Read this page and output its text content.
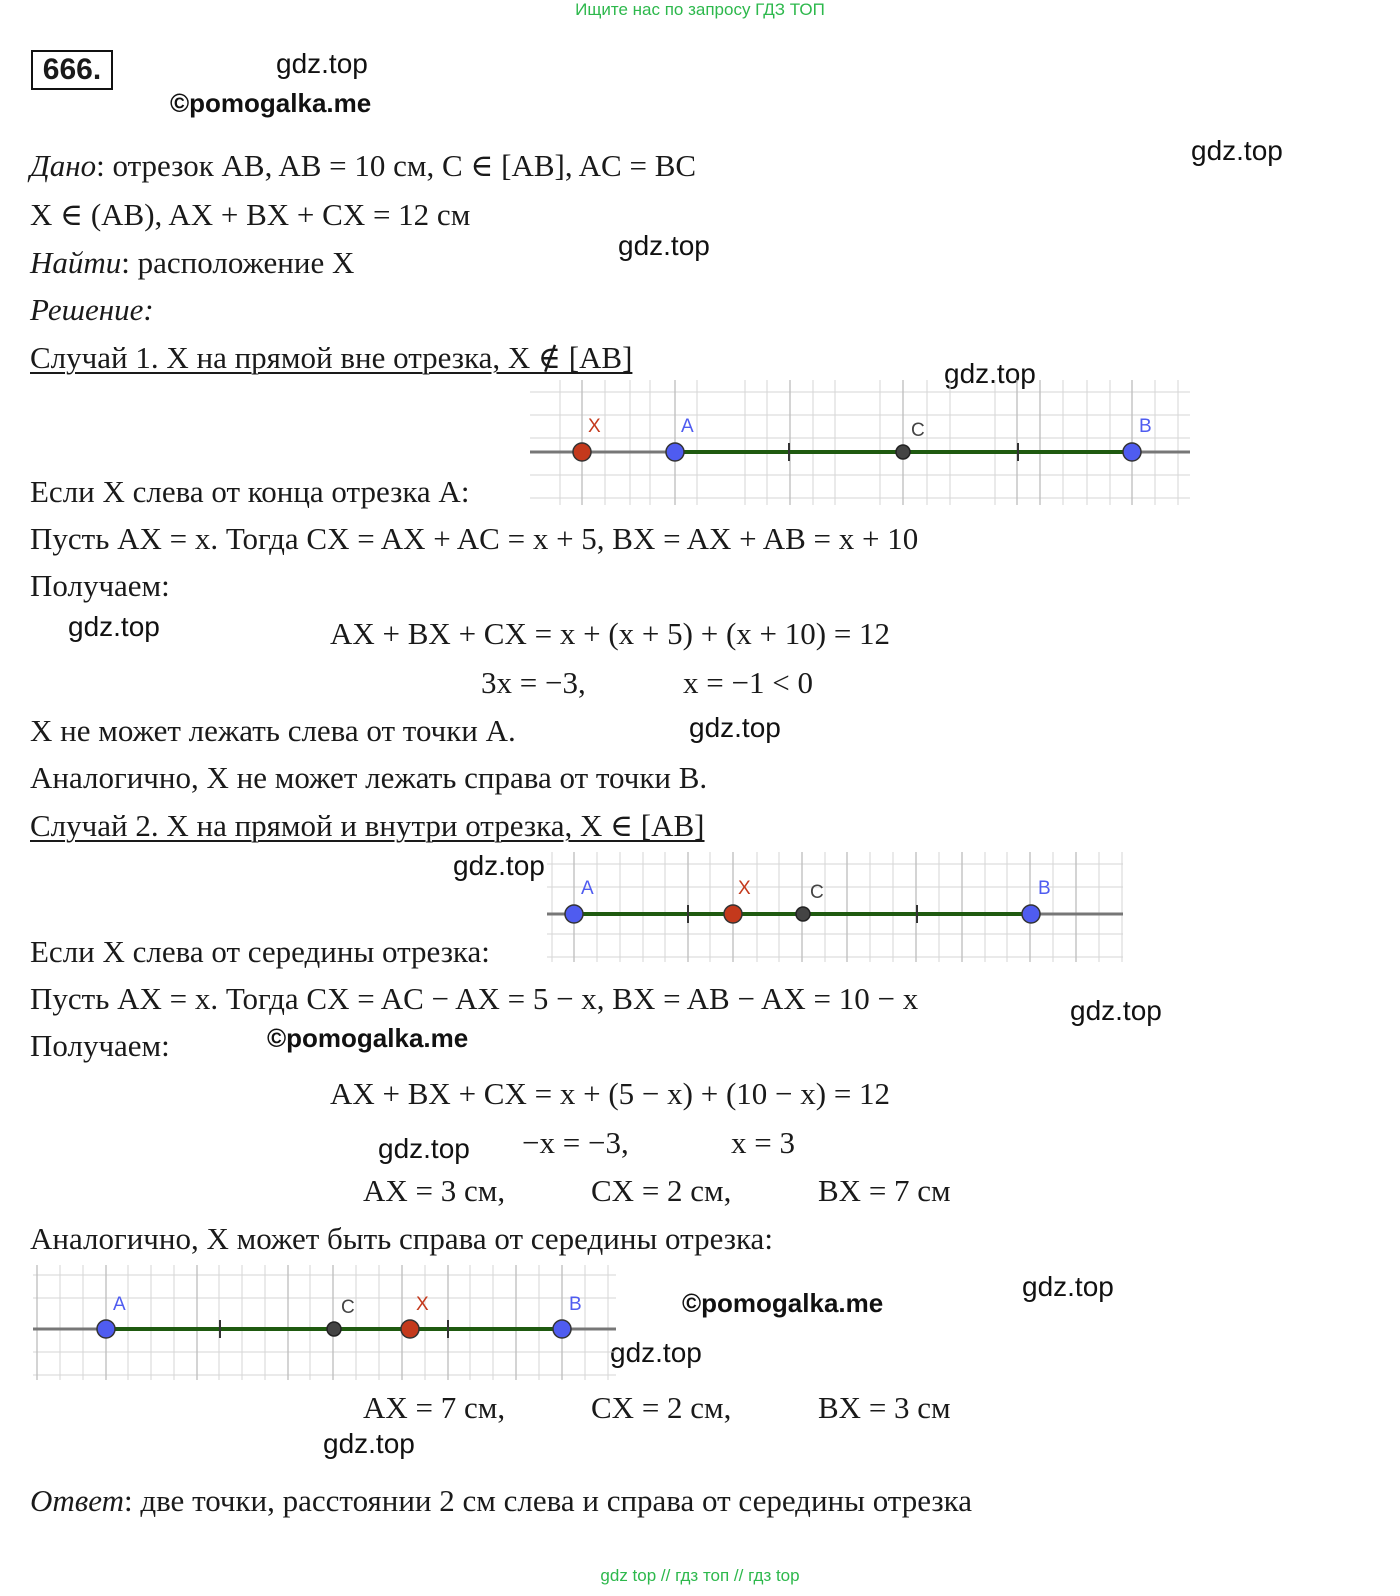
Ищите нас по запросу ГДЗ ТОП
666.	gdz.top
©pomogalka.me
gdz.top
gdz.top
gdz.top
gdz.top
gdz.top
gdz.top
gdz.top
©pomogalka.me
gdz.top
gdz.top
©pomogalka.me
gdz.top
gdz.top
Дано: отрезок AB, AB = 10 см, C ∈ [AB], AC = BC
X ∈ (AB), AX + BX + CX = 12 см
Найти: расположение X
Решение:
Случай 1. X на прямой вне отрезка, X ∉ [AB]
X	A	C	B
Если X слева от конца отрезка A:
Пусть AX = x. Тогда CX = AX + AC = x + 5, BX = AX + AB = x + 10
Получаем:
AX + BX + CX = x + (x + 5) + (x + 10) = 12
3x = −3,	x = −1 < 0
X не может лежать слева от точки A.
Аналогично, X не может лежать справа от точки B.
Случай 2. X на прямой и внутри отрезка, X ∈ [AB]
A	X	C	B
Если X слева от середины отрезка:
Пусть AX = x. Тогда CX = AC − AX = 5 − x, BX = AB − AX = 10 − x
Получаем:
AX + BX + CX = x + (5 − x) + (10 − x) = 12
−x = −3,	x = 3
AX = 3 см,	CX = 2 см,	BX = 7 см
Аналогично, X может быть справа от середины отрезка:
A	C	X	B
AX = 7 см,	CX = 2 см,	BX = 3 см
Ответ: две точки, расстоянии 2 см слева и справа от середины отрезка
gdz top // гдз топ // гдз top
